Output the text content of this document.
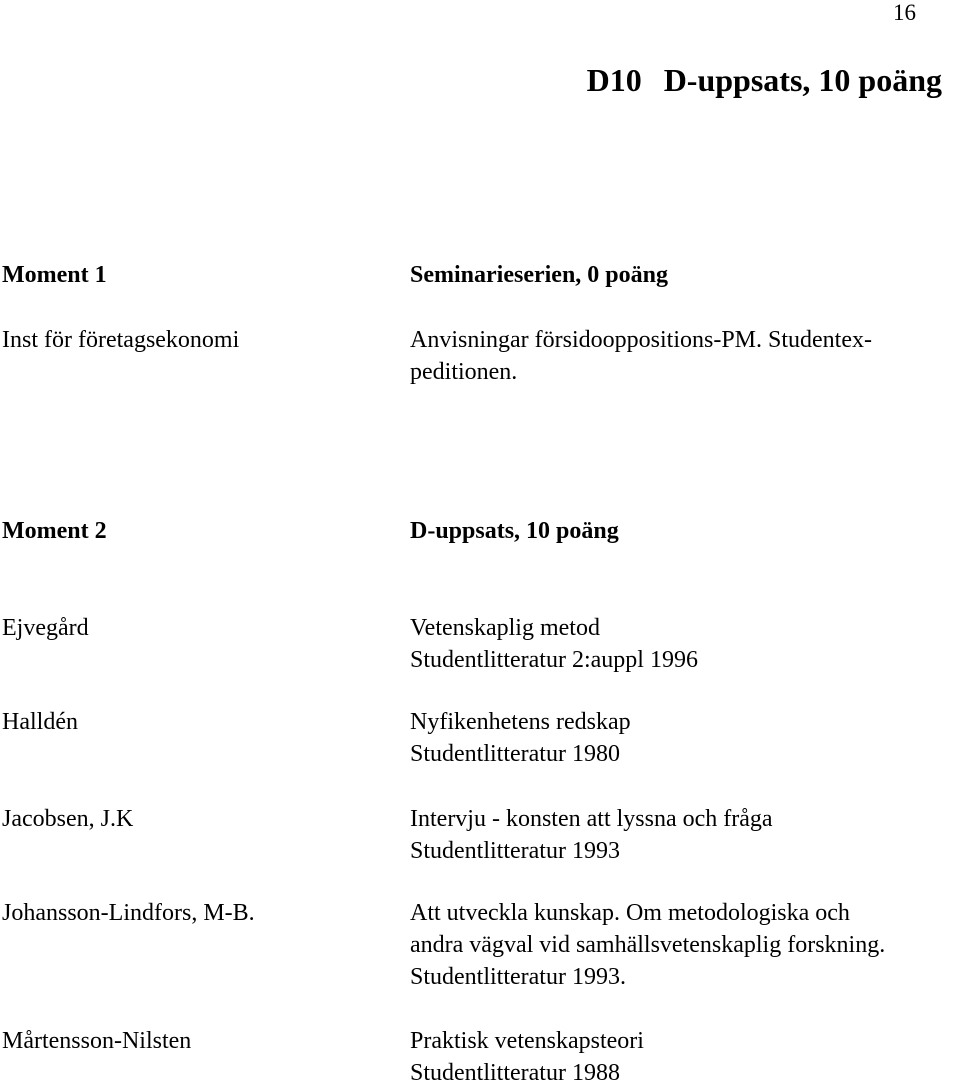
16
D10 D-uppsats, 10 poäng
Moment 1	Seminarieserien, 0 poäng
Inst för företagsekonomi	Anvisningar försidooppositions-PM. Studentex-
peditionen.
Moment 2	D-uppsats, 10 poäng
Ejvegård	Vetenskaplig metod
Studentlitteratur 2:auppl 1996
Halldén	Nyfikenhetens redskap
Studentlitteratur 1980
Jacobsen, J.K	Intervju - konsten att lyssna och fråga
Studentlitteratur 1993
Johansson-Lindfors, M-B.	Att utveckla kunskap. Om metodologiska och
andra vägval vid samhällsvetenskaplig forskning.
Studentlitteratur 1993.
Mårtensson-Nilsten	Praktisk vetenskapsteori
Studentlitteratur 1988
